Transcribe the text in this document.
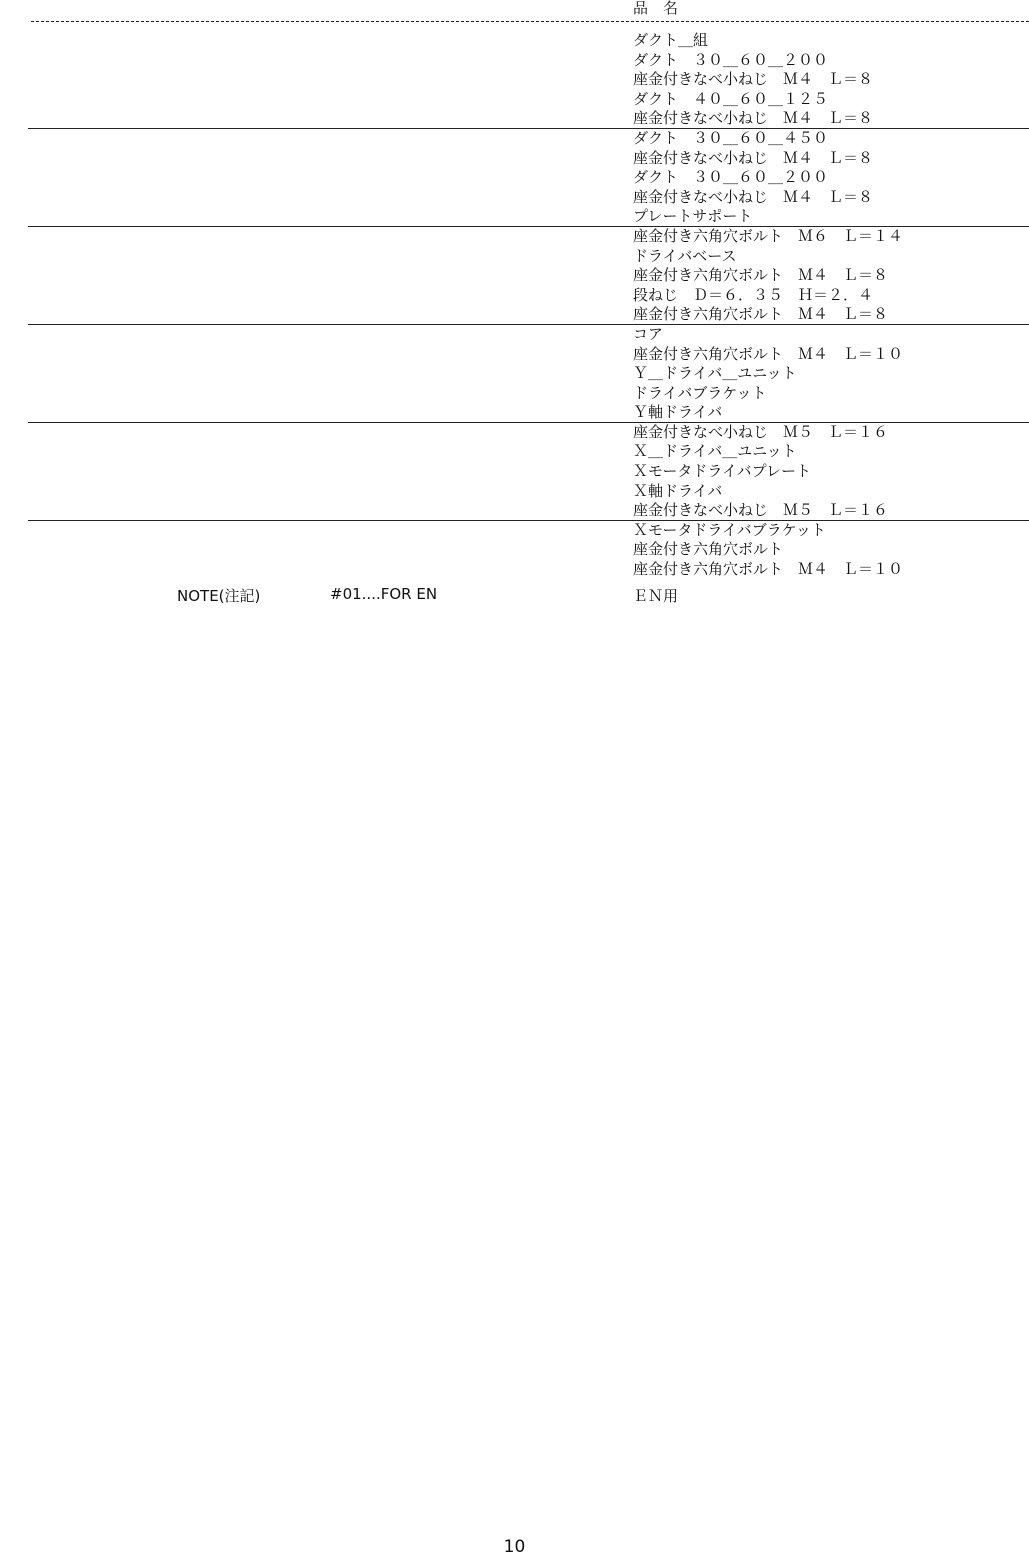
品　名
ダクト＿組
ダクト　３０＿６０＿２００
座金付きなべ小ねじ　Ｍ４　Ｌ＝８
ダクト　４０＿６０＿１２５
座金付きなべ小ねじ　Ｍ４　Ｌ＝８
ダクト　３０＿６０＿４５０
座金付きなべ小ねじ　Ｍ４　Ｌ＝８
ダクト　３０＿６０＿２００
座金付きなべ小ねじ　Ｍ４　Ｌ＝８
プレートサポート
座金付き六角穴ボルト　Ｍ６　Ｌ＝１４
ドライバベース
座金付き六角穴ボルト　Ｍ４　Ｌ＝８
段ねじ　Ｄ＝６．３５　Ｈ＝２．４
座金付き六角穴ボルト　Ｍ４　Ｌ＝８
コア
座金付き六角穴ボルト　Ｍ４　Ｌ＝１０
Ｙ＿ドライバ＿ユニット
ドライバブラケット
Ｙ軸ドライバ
座金付きなべ小ねじ　Ｍ５　Ｌ＝１６
Ｘ＿ドライバ＿ユニット
Ｘモータドライバプレート
Ｘ軸ドライバ
座金付きなべ小ねじ　Ｍ５　Ｌ＝１６
Ｘモータドライバブラケット
座金付き六角穴ボルト
座金付き六角穴ボルト　Ｍ４　Ｌ＝１０
NOTE(注記)	#01....FOR EN	ＥＮ用
10
